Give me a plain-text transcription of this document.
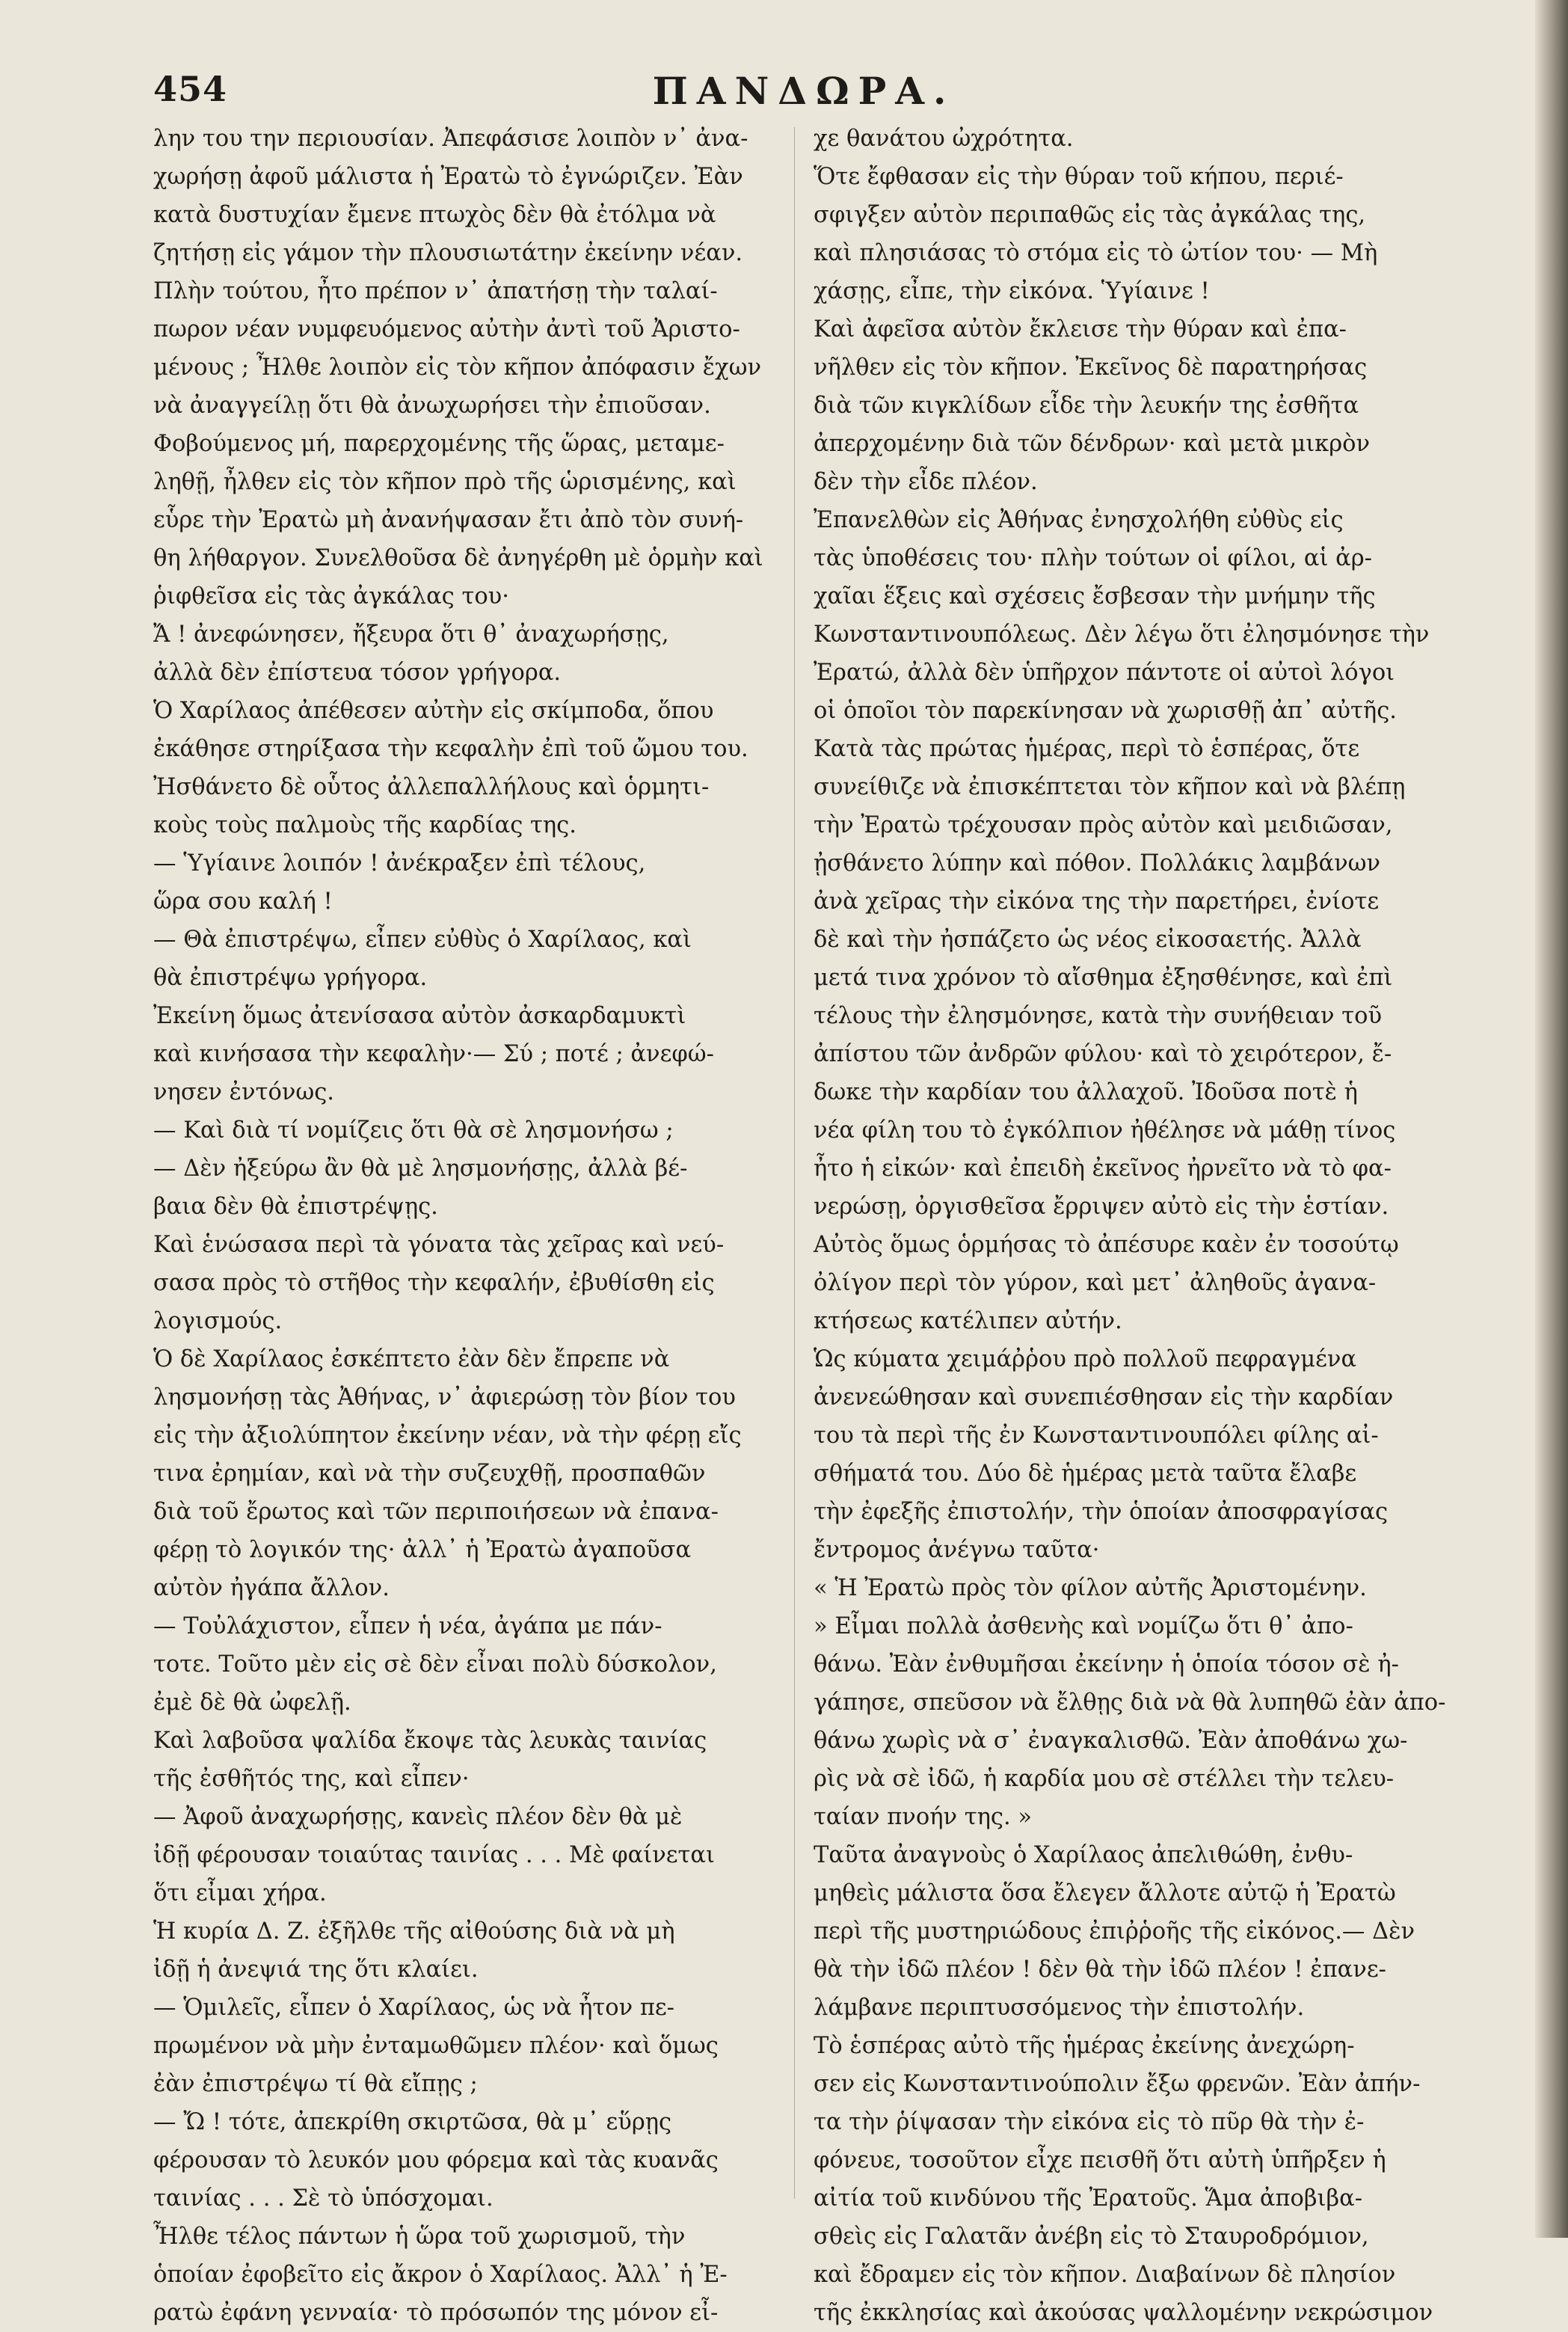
454	ΠΑΝΔΩΡΑ.

λην του την περιουσίαν. Ἀπεφάσισε λοιπὸν ν᾽ ἀνα-

χωρήσῃ ἀφοῦ μάλιστα ἡ Ἐρατὼ τὸ ἐγνώριζεν. Ἐὰν

κατὰ δυστυχίαν ἔμενε πτωχὸς δὲν θὰ ἐτόλμα νὰ

ζητήσῃ εἰς γάμον τὴν πλουσιωτάτην ἐκείνην νέαν.

Πλὴν τούτου, ἦτο πρέπον ν᾽ ἀπατήσῃ τὴν ταλαί-

πωρον νέαν νυμφευόμενος αὐτὴν ἀντὶ τοῦ Ἀριστο-

μένους ; Ἦλθε λοιπὸν εἰς τὸν κῆπον ἀπόφασιν ἔχων

νὰ ἀναγγείλῃ ὅτι θὰ ἀνωχωρήσει τὴν ἐπιοῦσαν.

Φοβούμενος μή, παρερχομένης τῆς ὥρας, μεταμε-

ληθῇ, ἦλθεν εἰς τὸν κῆπον πρὸ τῆς ὡρισμένης, καὶ

εὗρε τὴν Ἐρατὼ μὴ ἀνανήψασαν ἔτι ἀπὸ τὸν συνή-

θη λήθαργον. Συνελθοῦσα δὲ ἀνηγέρθη μὲ ὁρμὴν καὶ

ῥιφθεῖσα εἰς τὰς ἀγκάλας του·

Ἄ ! ἀνεφώνησεν, ἤξευρα ὅτι θ᾽ ἀναχωρήσῃς,

ἀλλὰ δὲν ἐπίστευα τόσον γρήγορα.

Ὁ Χαρίλαος ἀπέθεσεν αὐτὴν εἰς σκίμποδα, ὅπου

ἐκάθησε στηρίξασα τὴν κεφαλὴν ἐπὶ τοῦ ὤμου του.

Ἠσθάνετο δὲ οὗτος ἀλλεπαλλήλους καὶ ὁρμητι-

κοὺς τοὺς παλμοὺς τῆς καρδίας της.

— Ὑγίαινε λοιπόν ! ἀνέκραξεν ἐπὶ τέλους,

ὥρα σου καλή !

— Θὰ ἐπιστρέψω, εἶπεν εὐθὺς ὁ Χαρίλαος, καὶ

θὰ ἐπιστρέψω γρήγορα.

Ἐκείνη ὅμως ἀτενίσασα αὐτὸν ἀσκαρδαμυκτὶ

καὶ κινήσασα τὴν κεφαλὴν·— Σύ ; ποτέ ; ἀνεφώ-

νησεν ἐντόνως.

— Καὶ διὰ τί νομίζεις ὅτι θὰ σὲ λησμονήσω ;

— Δὲν ἠξεύρω ἂν θὰ μὲ λησμονήσῃς, ἀλλὰ βέ-

βαια δὲν θὰ ἐπιστρέψῃς.

Καὶ ἑνώσασα περὶ τὰ γόνατα τὰς χεῖρας καὶ νεύ-

σασα πρὸς τὸ στῆθος τὴν κεφαλήν, ἐβυθίσθη εἰς

λογισμούς.

Ὁ δὲ Χαρίλαος ἐσκέπτετο ἐὰν δὲν ἔπρεπε νὰ

λησμονήσῃ τὰς Ἀθήνας, ν᾽ ἀφιερώσῃ τὸν βίον του

εἰς τὴν ἀξιολύπητον ἐκείνην νέαν, νὰ τὴν φέρῃ εἴς

τινα ἐρημίαν, καὶ νὰ τὴν συζευχθῇ, προσπαθῶν

διὰ τοῦ ἔρωτος καὶ τῶν περιποιήσεων νὰ ἐπανα-

φέρῃ τὸ λογικόν της· ἀλλ᾽ ἡ Ἐρατὼ ἀγαποῦσα

αὐτὸν ἠγάπα ἄλλον.

— Τοὐλάχιστον, εἶπεν ἡ νέα, ἀγάπα με πάν-

τοτε. Τοῦτο μὲν εἰς σὲ δὲν εἶναι πολὺ δύσκολον,

ἐμὲ δὲ θὰ ὠφελῇ.

Καὶ λαβοῦσα ψαλίδα ἔκοψε τὰς λευκὰς ταινίας

τῆς ἐσθῆτός της, καὶ εἶπεν·

— Ἀφοῦ ἀναχωρήσῃς, κανεὶς πλέον δὲν θὰ μὲ

ἰδῇ φέρουσαν τοιαύτας ταινίας . . . Μὲ φαίνεται

ὅτι εἶμαι χήρα.

Ἡ κυρία Δ. Ζ. ἐξῆλθε τῆς αἰθούσης διὰ νὰ μὴ

ἰδῇ ἡ ἀνεψιά της ὅτι κλαίει.

— Ὁμιλεῖς, εἶπεν ὁ Χαρίλαος, ὡς νὰ ἦτον πε-

πρωμένον νὰ μὴν ἐνταμωθῶμεν πλέον· καὶ ὅμως

ἐὰν ἐπιστρέψω τί θὰ εἴπῃς ;

— Ὤ ! τότε, ἀπεκρίθη σκιρτῶσα, θὰ μ᾽ εὕρῃς

φέρουσαν τὸ λευκόν μου φόρεμα καὶ τὰς κυανᾶς

ταινίας . . . Σὲ τὸ ὑπόσχομαι.

Ἦλθε τέλος πάντων ἡ ὥρα τοῦ χωρισμοῦ, τὴν

ὁποίαν ἐφοβεῖτο εἰς ἄκρον ὁ Χαρίλαος. Ἀλλ᾽ ἡ Ἐ-

ρατὼ ἐφάνη γενναία· τὸ πρόσωπόν της μόνον εἶ-

χε θανάτου ὠχρότητα.

Ὅτε ἔφθασαν εἰς τὴν θύραν τοῦ κήπου, περιέ-

σφιγξεν αὐτὸν περιπαθῶς εἰς τὰς ἀγκάλας της,

καὶ πλησιάσας τὸ στόμα εἰς τὸ ὠτίον του· — Μὴ

χάσῃς, εἶπε, τὴν εἰκόνα. Ὑγίαινε !

Καὶ ἀφεῖσα αὐτὸν ἔκλεισε τὴν θύραν καὶ ἐπα-

νῆλθεν εἰς τὸν κῆπον. Ἐκεῖνος δὲ παρατηρήσας

διὰ τῶν κιγκλίδων εἶδε τὴν λευκήν της ἐσθῆτα

ἀπερχομένην διὰ τῶν δένδρων· καὶ μετὰ μικρὸν

δὲν τὴν εἶδε πλέον.

Ἐπανελθὼν εἰς Ἀθήνας ἐνησχολήθη εὐθὺς εἰς

τὰς ὑποθέσεις του· πλὴν τούτων οἱ φίλοι, αἱ ἀρ-

χαῖαι ἕξεις καὶ σχέσεις ἔσβεσαν τὴν μνήμην τῆς

Κωνσταντινουπόλεως. Δὲν λέγω ὅτι ἐλησμόνησε τὴν

Ἐρατώ, ἀλλὰ δὲν ὑπῆρχον πάντοτε οἱ αὐτοὶ λόγοι

οἱ ὁποῖοι τὸν παρεκίνησαν νὰ χωρισθῇ ἀπ᾽ αὐτῆς.

Κατὰ τὰς πρώτας ἡμέρας, περὶ τὸ ἑσπέρας, ὅτε

συνείθιζε νὰ ἐπισκέπτεται τὸν κῆπον καὶ νὰ βλέπῃ

τὴν Ἐρατὼ τρέχουσαν πρὸς αὐτὸν καὶ μειδιῶσαν,

ᾐσθάνετο λύπην καὶ πόθον. Πολλάκις λαμβάνων

ἀνὰ χεῖρας τὴν εἰκόνα της τὴν παρετήρει, ἐνίοτε

δὲ καὶ τὴν ἠσπάζετο ὡς νέος εἰκοσαετής. Ἀλλὰ

μετά τινα χρόνον τὸ αἴσθημα ἐξησθένησε, καὶ ἐπὶ

τέλους τὴν ἐλησμόνησε, κατὰ τὴν συνήθειαν τοῦ

ἀπίστου τῶν ἀνδρῶν φύλου· καὶ τὸ χειρότερον, ἔ-

δωκε τὴν καρδίαν του ἀλλαχοῦ. Ἰδοῦσα ποτὲ ἡ

νέα φίλη του τὸ ἐγκόλπιον ἠθέλησε νὰ μάθῃ τίνος

ἦτο ἡ εἰκών· καὶ ἐπειδὴ ἐκεῖνος ἠρνεῖτο νὰ τὸ φα-

νερώσῃ, ὀργισθεῖσα ἔρριψεν αὐτὸ εἰς τὴν ἑστίαν.

Αὐτὸς ὅμως ὁρμήσας τὸ ἀπέσυρε καὲν ἐν τοσούτῳ

ὀλίγον περὶ τὸν γύρον, καὶ μετ᾽ ἀληθοῦς ἀγανα-

κτήσεως κατέλιπεν αὐτήν.

Ὡς κύματα χειμάῤῥου πρὸ πολλοῦ πεφραγμένα

ἀνενεώθησαν καὶ συνεπιέσθησαν εἰς τὴν καρδίαν

του τὰ περὶ τῆς ἐν Κωνσταντινουπόλει φίλης αἰ-

σθήματά του. Δύο δὲ ἡμέρας μετὰ ταῦτα ἔλαβε

τὴν ἐφεξῆς ἐπιστολήν, τὴν ὁποίαν ἀποσφραγίσας

ἔντρομος ἀνέγνω ταῦτα·

« Ἡ Ἐρατὼ πρὸς τὸν φίλον αὐτῆς Ἀριστομένην.

» Εἶμαι πολλὰ ἀσθενὴς καὶ νομίζω ὅτι θ᾽ ἀπο-

θάνω. Ἐὰν ἐνθυμῆσαι ἐκείνην ἡ ὁποία τόσον σὲ ἠ-

γάπησε, σπεῦσον νὰ ἔλθῃς διὰ νὰ θὰ λυπηθῶ ἐὰν ἀπο-

θάνω χωρὶς νὰ σ᾽ ἐναγκαλισθῶ. Ἐὰν ἀποθάνω χω-

ρὶς νὰ σὲ ἰδῶ, ἡ καρδία μου σὲ στέλλει τὴν τελευ-

ταίαν πνοήν της. »

Ταῦτα ἀναγνοὺς ὁ Χαρίλαος ἀπελιθώθη, ἐνθυ-

μηθεὶς μάλιστα ὅσα ἔλεγεν ἄλλοτε αὐτῷ ἡ Ἐρατὼ

περὶ τῆς μυστηριώδους ἐπιῤῥοῆς τῆς εἰκόνος.— Δὲν

θὰ τὴν ἰδῶ πλέον ! δὲν θὰ τὴν ἰδῶ πλέον ! ἐπανε-

λάμβανε περιπτυσσόμενος τὴν ἐπιστολήν.

Τὸ ἑσπέρας αὐτὸ τῆς ἡμέρας ἐκείνης ἀνεχώρη-

σεν εἰς Κωνσταντινούπολιν ἔξω φρενῶν. Ἐὰν ἀπήν-

τα τὴν ῥίψασαν τὴν εἰκόνα εἰς τὸ πῦρ θὰ τὴν ἐ-

φόνευε, τοσοῦτον εἶχε πεισθῆ ὅτι αὐτὴ ὑπῆρξεν ἡ

αἰτία τοῦ κινδύνου τῆς Ἐρατοῦς. Ἅμα ἀποβιβα-

σθεὶς εἰς Γαλατᾶν ἀνέβη εἰς τὸ Σταυροδρόμιον,

καὶ ἔδραμεν εἰς τὸν κῆπον. Διαβαίνων δὲ πλησίον

τῆς ἐκκλησίας καὶ ἀκούσας ψαλλομένην νεκρώσιμον
